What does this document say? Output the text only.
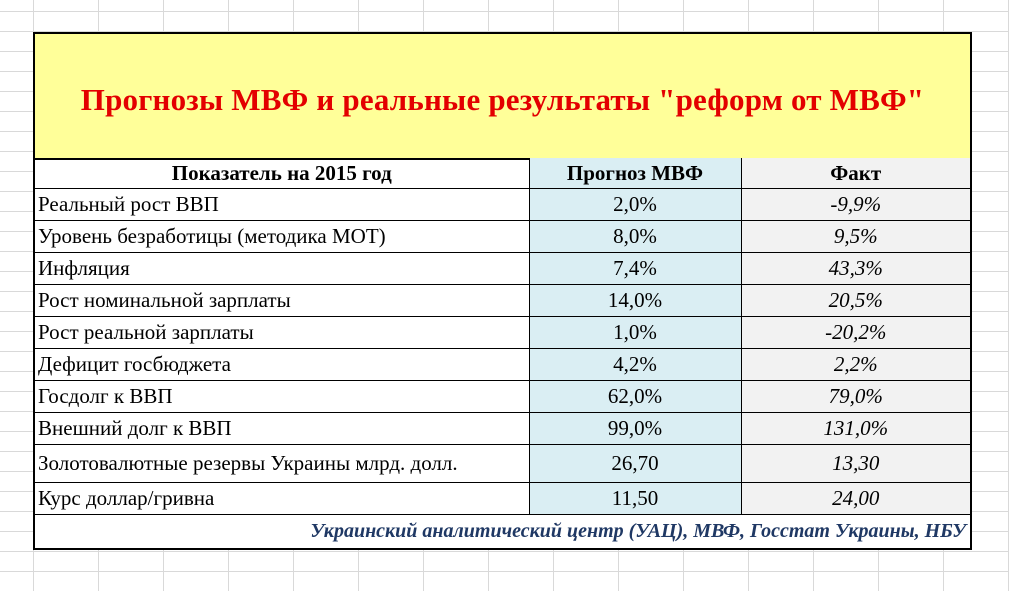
Прогнозы МВФ и реальные результаты "реформ от МВФ"
Показатель на 2015 год	Прогноз МВФ	Факт
Реальный рост ВВП	2,0%	-9,9%
Уровень безработицы (методика МОТ)	8,0%	9,5%
Инфляция	7,4%	43,3%
Рост номинальной зарплаты	14,0%	20,5%
Рост реальной зарплаты	1,0%	-20,2%
Дефицит госбюджета	4,2%	2,2%
Госдолг к ВВП	62,0%	79,0%
Внешний долг к ВВП	99,0%	131,0%
Золотовалютные резервы Украины млрд. долл.	26,70	13,30
Курс доллар/гривна	11,50	24,00
Украинский аналитический центр (УАЦ), МВФ, Госстат Украины, НБУ		
